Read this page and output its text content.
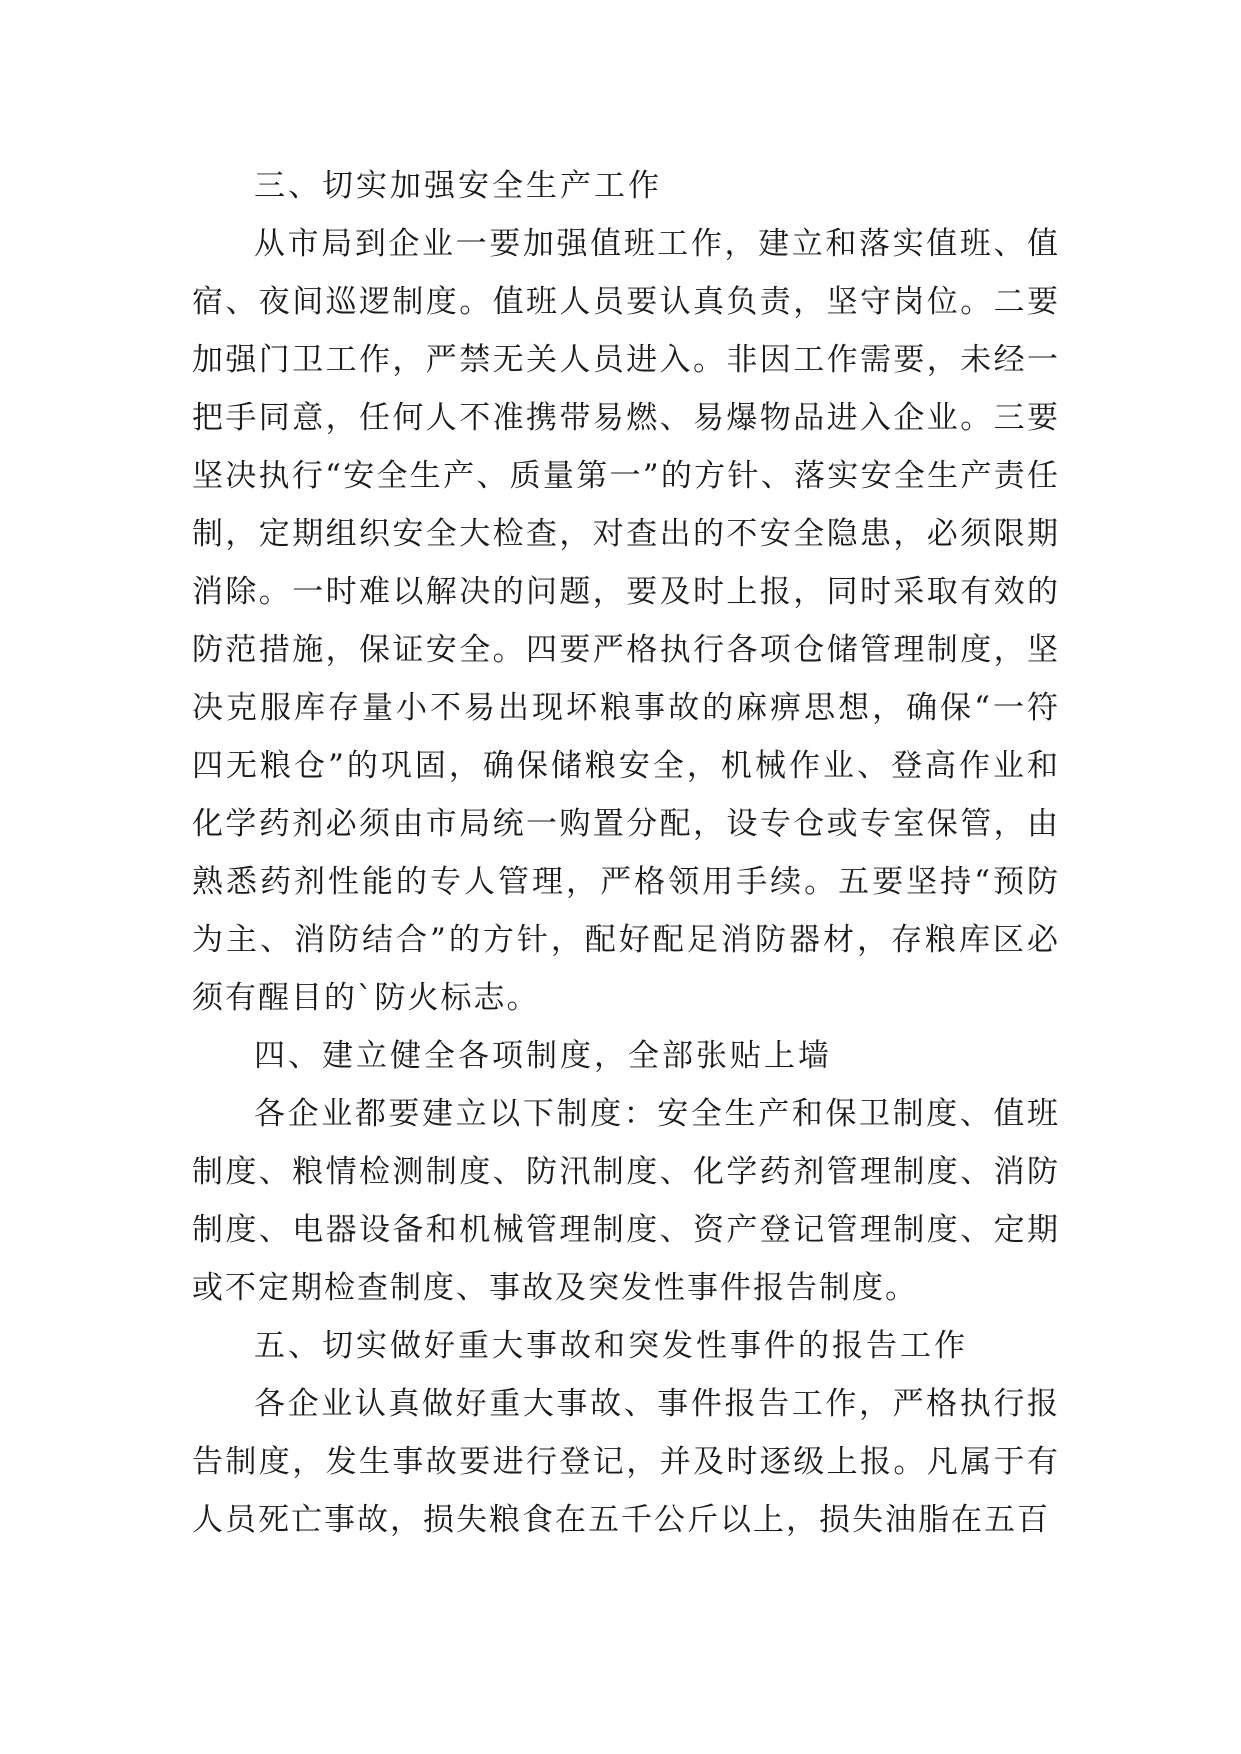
三、切实加强安全生产工作

从市局到企业一要加强值班工作，建立和落实值班、值宿、夜间巡逻制度。值班人员要认真负责，坚守岗位。二要加强门卫工作，严禁无关人员进入。非因工作需要，未经一把手同意，任何人不准携带易燃、易爆物品进入企业。三要坚决执行“安全生产、质量第一”的方针、落实安全生产责任制，定期组织安全大检查，对查出的不安全隐患，必须限期消除。一时难以解决的问题，要及时上报，同时采取有效的防范措施，保证安全。四要严格执行各项仓储管理制度，坚决克服库存量小不易出现坏粮事故的麻痹思想，确保“一符四无粮仓”的巩固，确保储粮安全，机械作业、登高作业和化学药剂必须由市局统一购置分配，设专仓或专室保管，由熟悉药剂性能的专人管理，严格领用手续。五要坚持“预防为主、消防结合”的方针，配好配足消防器材，存粮库区必须有醒目的`防火标志。

四、建立健全各项制度，全部张贴上墙

各企业都要建立以下制度：安全生产和保卫制度、值班制度、粮情检测制度、防汛制度、化学药剂管理制度、消防制度、电器设备和机械管理制度、资产登记管理制度、定期或不定期检查制度、事故及突发性事件报告制度。

五、切实做好重大事故和突发性事件的报告工作

各企业认真做好重大事故、事件报告工作，严格执行报告制度，发生事故要进行登记，并及时逐级上报。凡属于有人员死亡事故，损失粮食在五千公斤以上，损失油脂在五百
